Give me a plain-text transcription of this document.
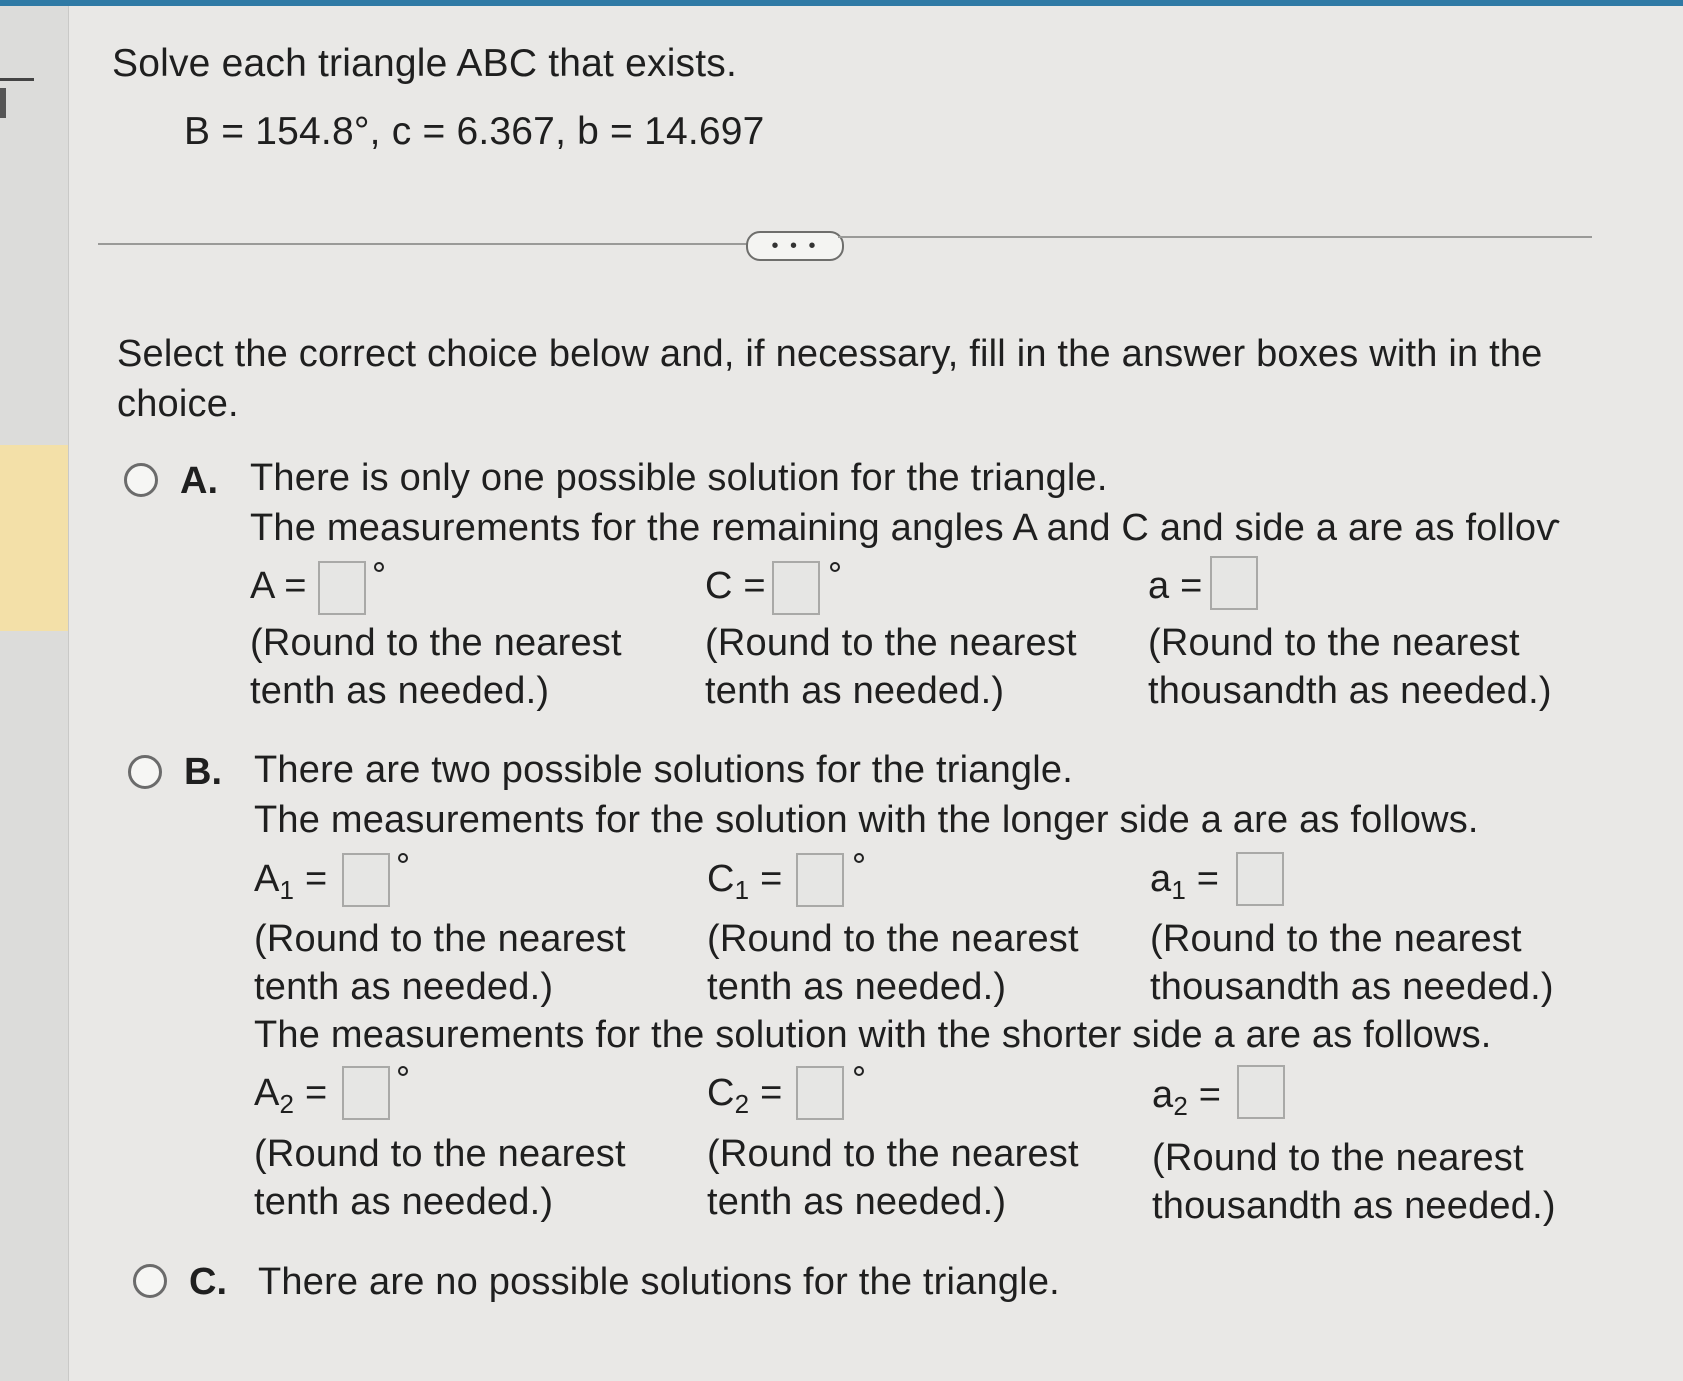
Solve each triangle ABC that exists.
B = 154.8°, c = 6.367, b = 14.697
• • •
Select the correct choice below and, if necessary, fill in the answer boxes with in the
choice.
A. There is only one possible solution for the triangle.
The measurements for the remaining angles A and C and side a are as folloѵ
A =
(Round to the nearest
tenth as needed.)
C =
(Round to the nearest
tenth as needed.)
a =
(Round to the nearest
thousandth as needed.)
B. There are two possible solutions for the triangle.
The measurements for the solution with the longer side a are as follows.
$A_1$ =
(Round to the nearest
tenth as needed.)
$C_1$ =
(Round to the nearest
tenth as needed.)
$a_1$ =
(Round to the nearest
thousandth as needed.)
The measurements for the solution with the shorter side a are as follows.
$A_2$ =
(Round to the nearest
tenth as needed.)
$C_2$ =
(Round to the nearest
tenth as needed.)
$a_2$ =
(Round to the nearest
thousandth as needed.)
C. There are no possible solutions for the triangle.
